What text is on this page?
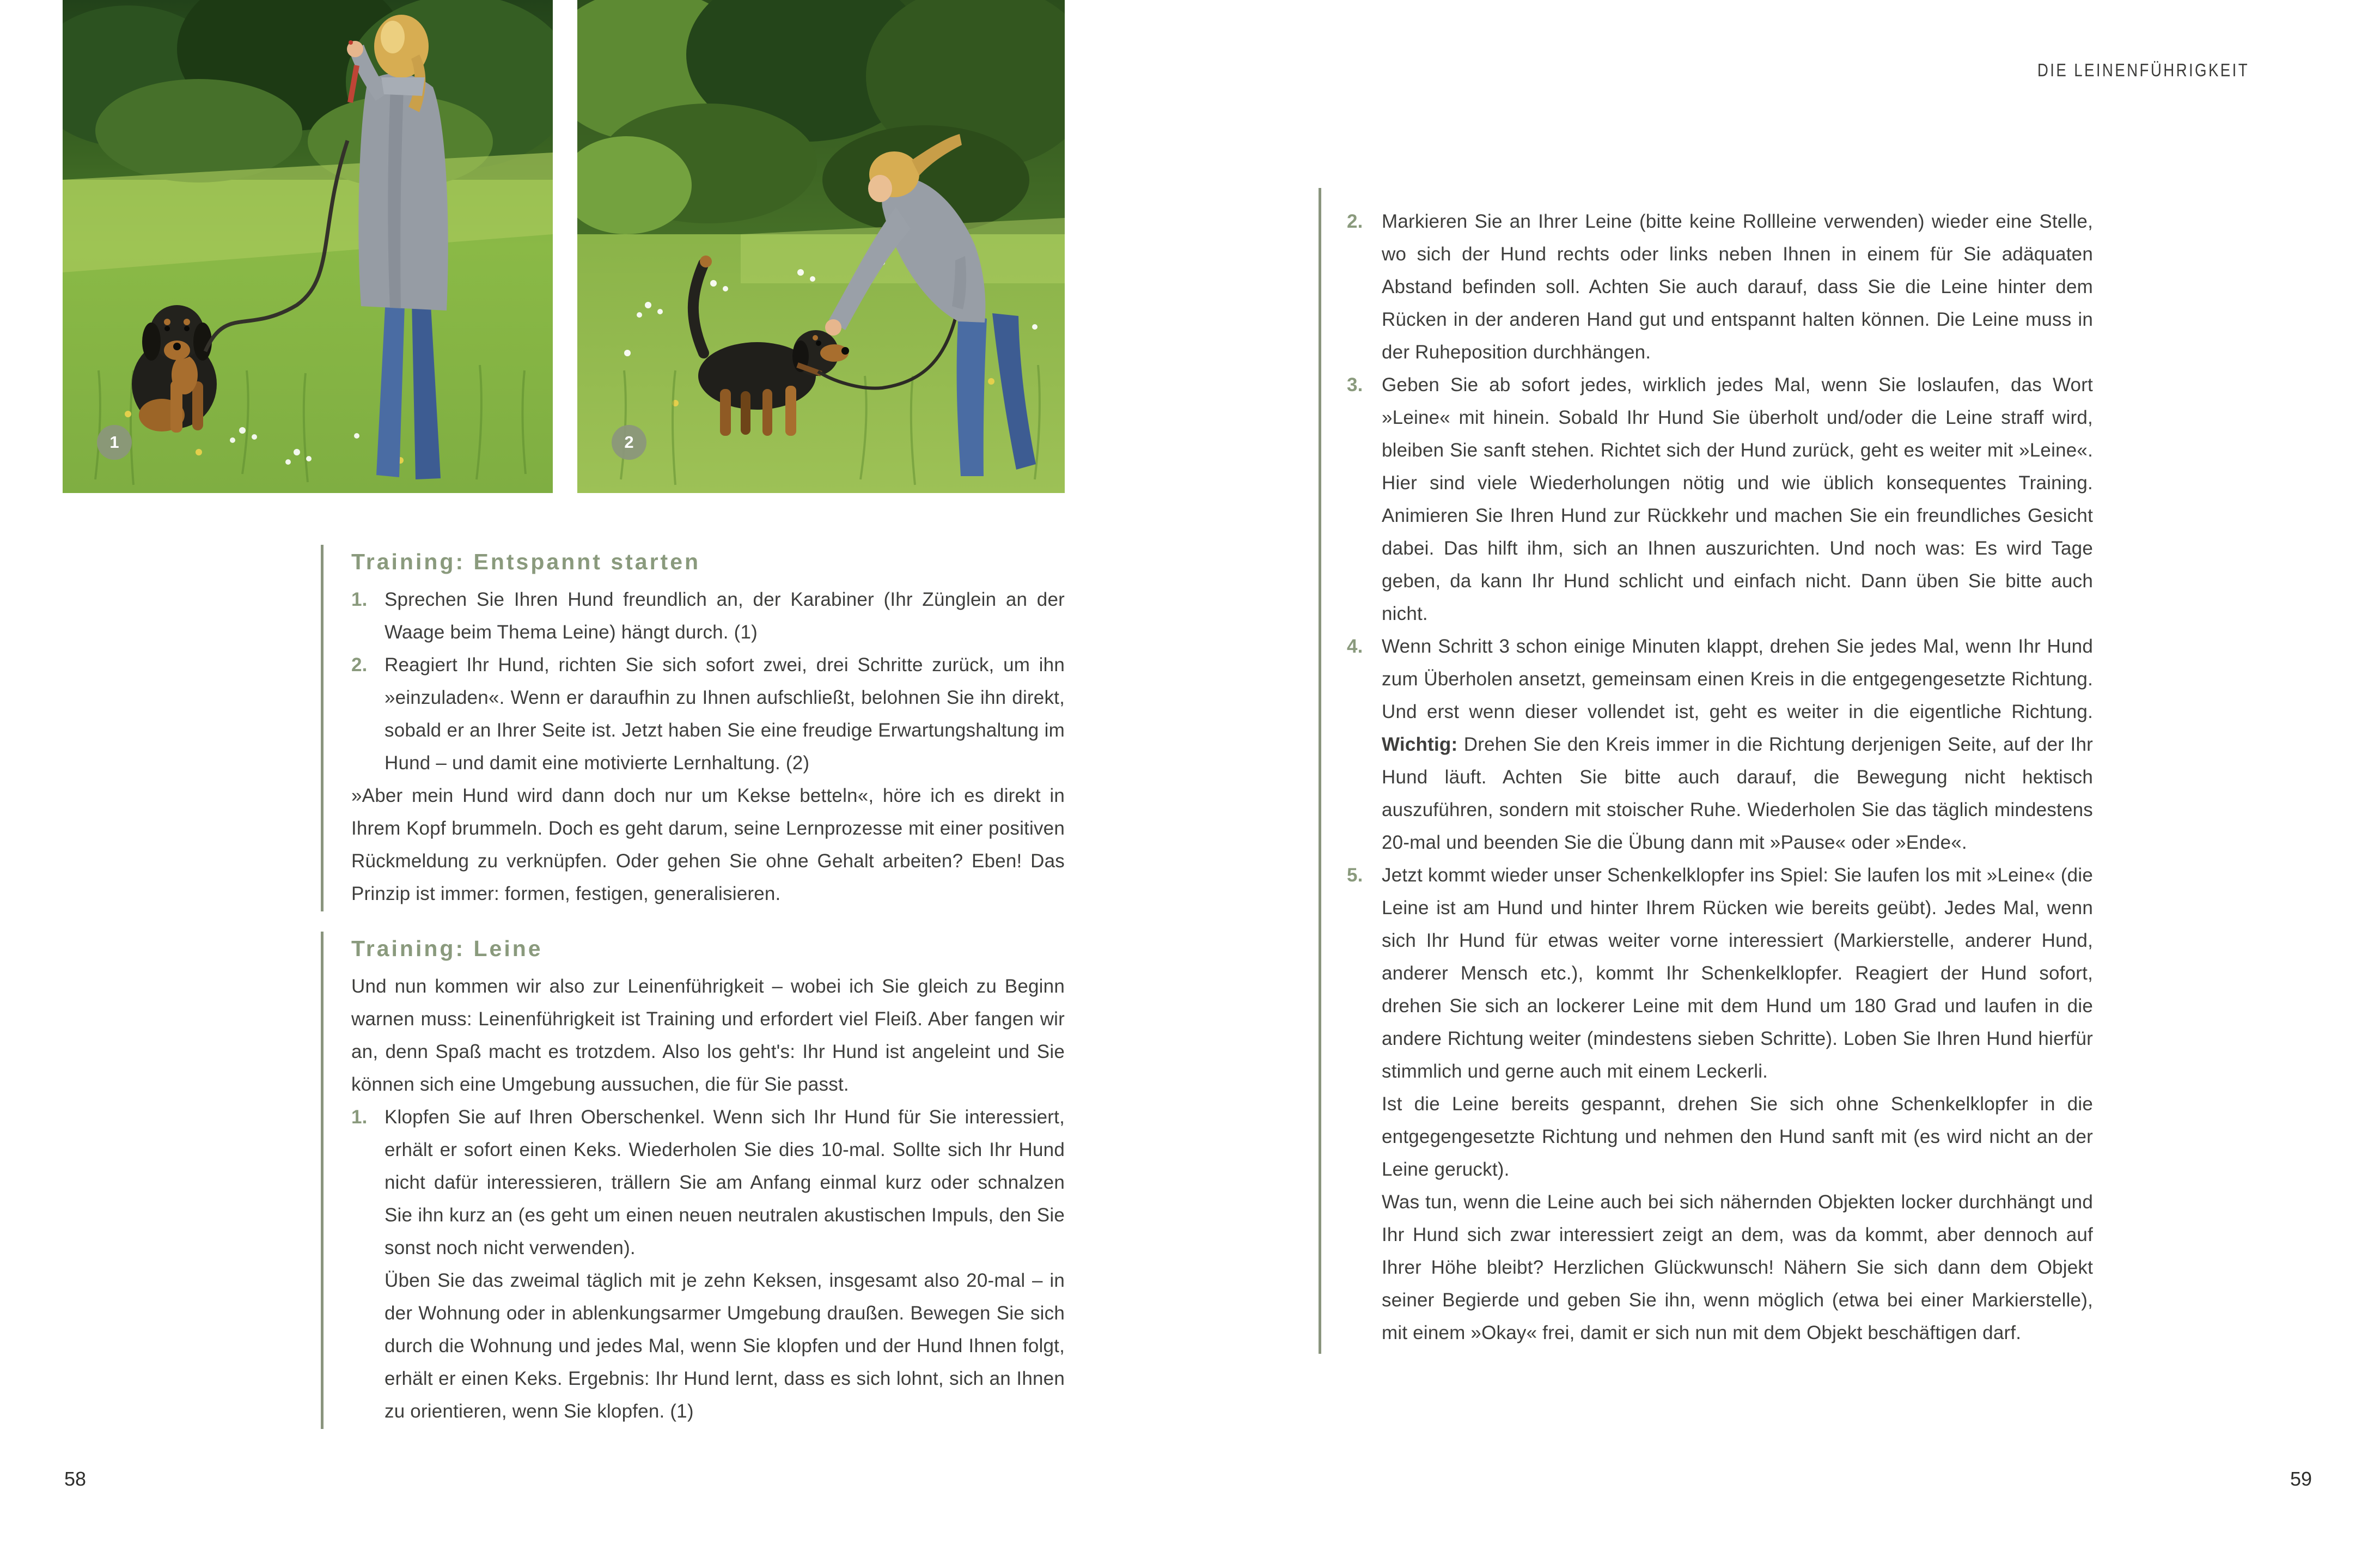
1	2
Training: Entspannt starten
1. Sprechen Sie Ihren Hund freundlich an, der Karabiner (Ihr Zünglein an der Waage beim Thema Leine) hängt durch. (1)
2. Reagiert Ihr Hund, richten Sie sich sofort zwei, drei Schritte zurück, um ihn »einzuladen«. Wenn er daraufhin zu Ihnen aufschließt, belohnen Sie ihn direkt, sobald er an Ihrer Seite ist. Jetzt haben Sie eine freudige Erwartungshaltung im Hund – und damit eine motivierte Lernhaltung. (2)

»Aber mein Hund wird dann doch nur um Kekse betteln«, höre ich es direkt in Ihrem Kopf brummeln. Doch es geht darum, seine Lernprozesse mit einer positiven Rückmeldung zu verknüpfen. Oder gehen Sie ohne Gehalt arbeiten? Eben! Das Prinzip ist immer: formen, festigen, generalisieren.

Training: Leine

Und nun kommen wir also zur Leinenführigkeit – wobei ich Sie gleich zu Beginn warnen muss: Leinenführigkeit ist Training und erfordert viel Fleiß. Aber fangen wir an, denn Spaß macht es trotzdem. Also los geht's: Ihr Hund ist angeleint und Sie können sich eine Umgebung aussuchen, die für Sie passt.

1. Klopfen Sie auf Ihren Oberschenkel. Wenn sich Ihr Hund für Sie interessiert, erhält er sofort einen Keks. Wiederholen Sie dies 10-mal. Sollte sich Ihr Hund nicht dafür interessieren, trällern Sie am Anfang einmal kurz oder schnalzen Sie ihn kurz an (es geht um einen neuen neutralen akustischen Impuls, den Sie sonst noch nicht verwenden).

Üben Sie das zweimal täglich mit je zehn Keksen, insgesamt also 20-mal – in der Wohnung oder in ablenkungsarmer Umgebung draußen. Bewegen Sie sich durch die Wohnung und jedes Mal, wenn Sie klopfen und der Hund Ihnen folgt, erhält er einen Keks. Ergebnis: Ihr Hund lernt, dass es sich lohnt, sich an Ihnen zu orientieren, wenn Sie klopfen. (1)

58
DIE LEINENFÜHRIGKEIT
2. Markieren Sie an Ihrer Leine (bitte keine Rollleine verwenden) wieder eine Stelle, wo sich der Hund rechts oder links neben Ihnen in einem für Sie adäquaten Abstand befinden soll. Achten Sie auch darauf, dass Sie die Leine hinter dem Rücken in der anderen Hand gut und entspannt halten können. Die Leine muss in der Ruheposition durchhängen.
3. Geben Sie ab sofort jedes, wirklich jedes Mal, wenn Sie loslaufen, das Wort »Leine« mit hinein. Sobald Ihr Hund Sie überholt und/oder die Leine straff wird, bleiben Sie sanft stehen. Richtet sich der Hund zurück, geht es weiter mit »Leine«. Hier sind viele Wiederholungen nötig und wie üblich konsequentes Training. Animieren Sie Ihren Hund zur Rückkehr und machen Sie ein freundliches Gesicht dabei. Das hilft ihm, sich an Ihnen auszurichten. Und noch was: Es wird Tage geben, da kann Ihr Hund schlicht und einfach nicht. Dann üben Sie bitte auch nicht.
4. Wenn Schritt 3 schon einige Minuten klappt, drehen Sie jedes Mal, wenn Ihr Hund zum Überholen ansetzt, gemeinsam einen Kreis in die entgegengesetzte Richtung. Und erst wenn dieser vollendet ist, geht es weiter in die eigentliche Richtung. Wichtig: Drehen Sie den Kreis immer in die Richtung derjenigen Seite, auf der Ihr Hund läuft. Achten Sie bitte auch darauf, die Bewegung nicht hektisch auszuführen, sondern mit stoischer Ruhe. Wiederholen Sie das täglich mindestens 20-mal und beenden Sie die Übung dann mit »Pause« oder »Ende«.
5. Jetzt kommt wieder unser Schenkelklopfer ins Spiel: Sie laufen los mit »Leine« (die Leine ist am Hund und hinter Ihrem Rücken wie bereits geübt). Jedes Mal, wenn sich Ihr Hund für etwas weiter vorne interessiert (Markierstelle, anderer Hund, anderer Mensch etc.), kommt Ihr Schenkelklopfer. Reagiert der Hund sofort, drehen Sie sich an lockerer Leine mit dem Hund um 180 Grad und laufen in die andere Richtung weiter (mindestens sieben Schritte). Loben Sie Ihren Hund hierfür stimmlich und gerne auch mit einem Leckerli.

Ist die Leine bereits gespannt, drehen Sie sich ohne Schenkelklopfer in die entgegengesetzte Richtung und nehmen den Hund sanft mit (es wird nicht an der Leine geruckt).

Was tun, wenn die Leine auch bei sich nähernden Objekten locker durchhängt und Ihr Hund sich zwar interessiert zeigt an dem, was da kommt, aber dennoch auf Ihrer Höhe bleibt? Herzlichen Glückwunsch! Nähern Sie sich dann dem Objekt seiner Begierde und geben Sie ihn, wenn möglich (etwa bei einer Markierstelle), mit einem »Okay« frei, damit er sich nun mit dem Objekt beschäftigen darf.

59
